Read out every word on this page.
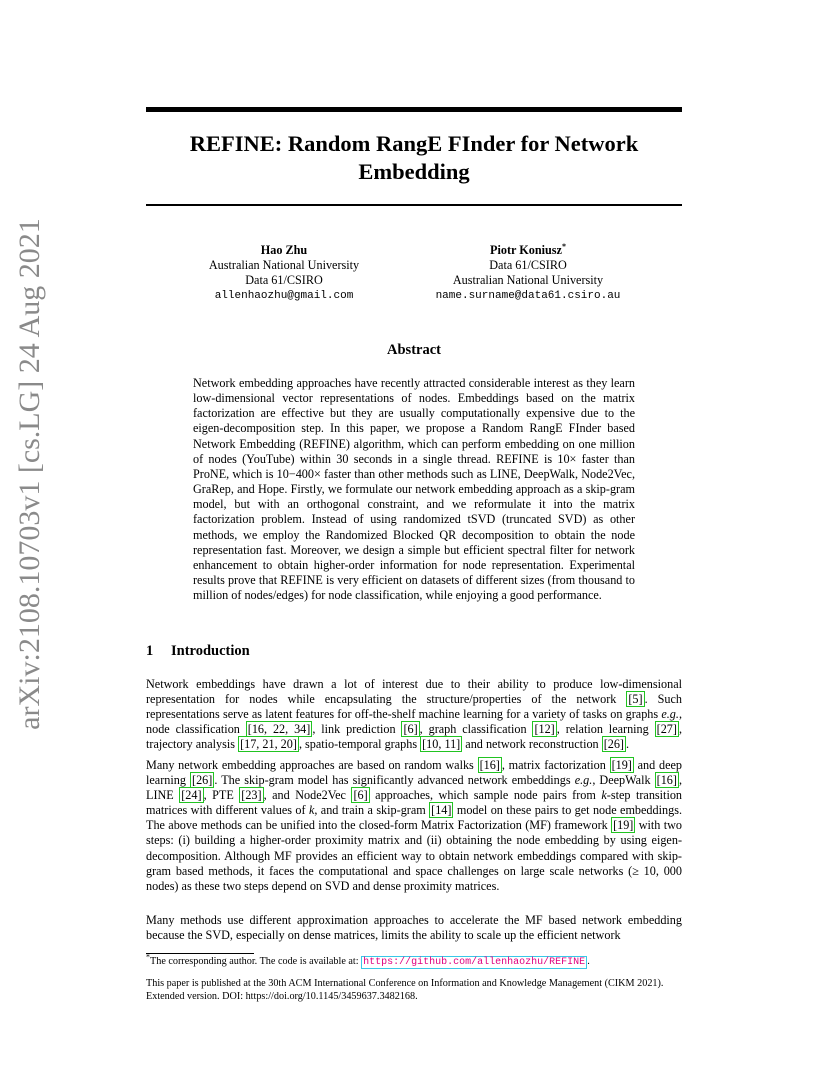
arXiv:2108.10703v1 [cs.LG] 24 Aug 2021
REFINE: Random RangE FInder for Network
Embedding
Hao Zhu
Australian National University
Data 61/CSIRO
allenhaozhu@gmail.com
Piotr Koniusz*
Data 61/CSIRO
Australian National University
name.surname@data61.csiro.au
Abstract
Network embedding approaches have recently attracted considerable interest as they learn low-dimensional vector representations of nodes. Embeddings based on the matrix factorization are effective but they are usually computationally expensive due to the eigen-decomposition step. In this paper, we propose a Random RangE FInder based Network Embedding (REFINE) algorithm, which can perform embedding on one million of nodes (YouTube) within 30 seconds in a single thread. REFINE is 10× faster than ProNE, which is 10−400× faster than other methods such as LINE, DeepWalk, Node2Vec, GraRep, and Hope. Firstly, we formulate our network embedding approach as a skip-gram model, but with an orthogonal constraint, and we reformulate it into the matrix factorization problem. Instead of using randomized tSVD (truncated SVD) as other methods, we employ the Randomized Blocked QR decomposition to obtain the node representation fast. Moreover, we design a simple but efficient spectral filter for network enhancement to obtain higher-order information for node representation. Experimental results prove that REFINE is very efficient on datasets of different sizes (from thousand to million of nodes/edges) for node classification, while enjoying a good performance.
1 Introduction
Network embeddings have drawn a lot of interest due to their ability to produce low-dimensional representation for nodes while encapsulating the structure/properties of the network [5] . Such representations serve as latent features for off-the-shelf machine learning for a variety of tasks on graphs e.g., node classification [16, 22, 34] , link prediction [6] , graph classification [12] , relation learning [27] , trajectory analysis [17, 21, 20] , spatio-temporal graphs [10, 11] and network reconstruction [26] .
Many network embedding approaches are based on random walks [16] , matrix factorization [19] and deep learning [26] . The skip-gram model has significantly advanced network embeddings e.g., DeepWalk [16] , LINE [24] , PTE [23] , and Node2Vec [6] approaches, which sample node pairs from k-step transition matrices with different values of k, and train a skip-gram [14] model on these pairs to get node embeddings. The above methods can be unified into the closed-form Matrix Factorization (MF) framework [19] with two steps: (i) building a higher-order proximity matrix and (ii) obtaining the node embedding by using eigen-decomposition. Although MF provides an efficient way to obtain network embeddings compared with skip-gram based methods, it faces the computational and space challenges on large scale networks (≥ 10, 000 nodes) as these two steps depend on SVD and dense proximity matrices.
Many methods use different approximation approaches to accelerate the MF based network embedding because the SVD, especially on dense matrices, limits the ability to scale up the efficient network
*The corresponding author. The code is available at: https://github.com/allenhaozhu/REFINE .
This paper is published at the 30th ACM International Conference on Information and Knowledge Management (CIKM 2021). Extended version. DOI: https://doi.org/10.1145/3459637.3482168.
